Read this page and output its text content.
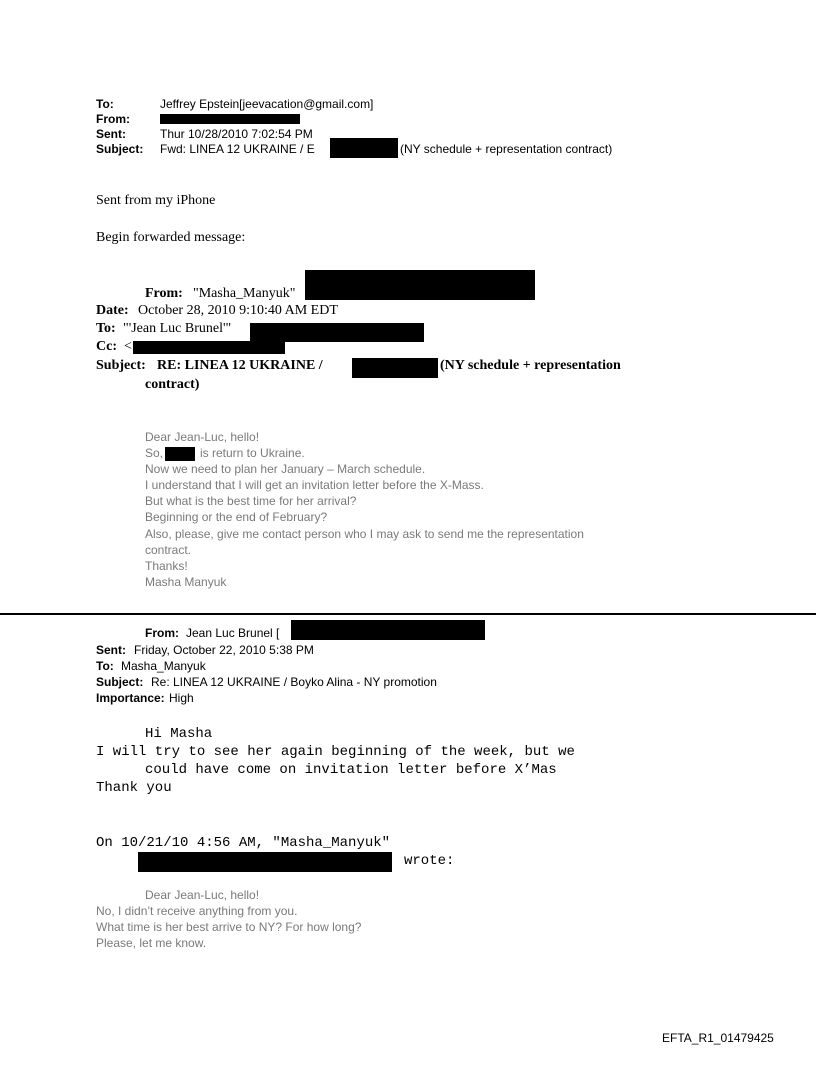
To:	Jeffrey Epstein[jeevacation@gmail.com]
From:
Sent:	Thur 10/28/2010 7:02:54 PM
Subject: Fwd: LINEA 12 UKRAINE / E	(NY schedule + representation contract)
Sent from my iPhone
Begin forwarded message:
From: "Masha_Manyuk"
Date: October 28, 2010 9:10:40 AM EDT
To: "'Jean Luc Brunel'"
Cc: <
Subject: RE: LINEA 12 UKRAINE /	(NY schedule + representation
contract)
Dear Jean-Luc, hello!
So,	is return to Ukraine.
Now we need to plan her January – March schedule.
I understand that I will get an invitation letter before the X-Mass.
But what is the best time for her arrival?
Beginning or the end of February?
Also, please, give me contact person who I may ask to send me the representation
contract.
Thanks!
Masha Manyuk
From: Jean Luc Brunel [
Sent: Friday, October 22, 2010 5:38 PM
To: Masha_Manyuk
Subject: Re: LINEA 12 UKRAINE / Boyko Alina - NY promotion
Importance: High
Hi Masha
I will try to see her again beginning of the week, but we
could have come on invitation letter before X’Mas
Thank you
On 10/21/10 4:56 AM, "Masha_Manyuk"
wrote:
Dear Jean-Luc, hello!
No, I didn’t receive anything from you.
What time is her best arrive to NY? For how long?
Please, let me know.
EFTA_R1_01479425
